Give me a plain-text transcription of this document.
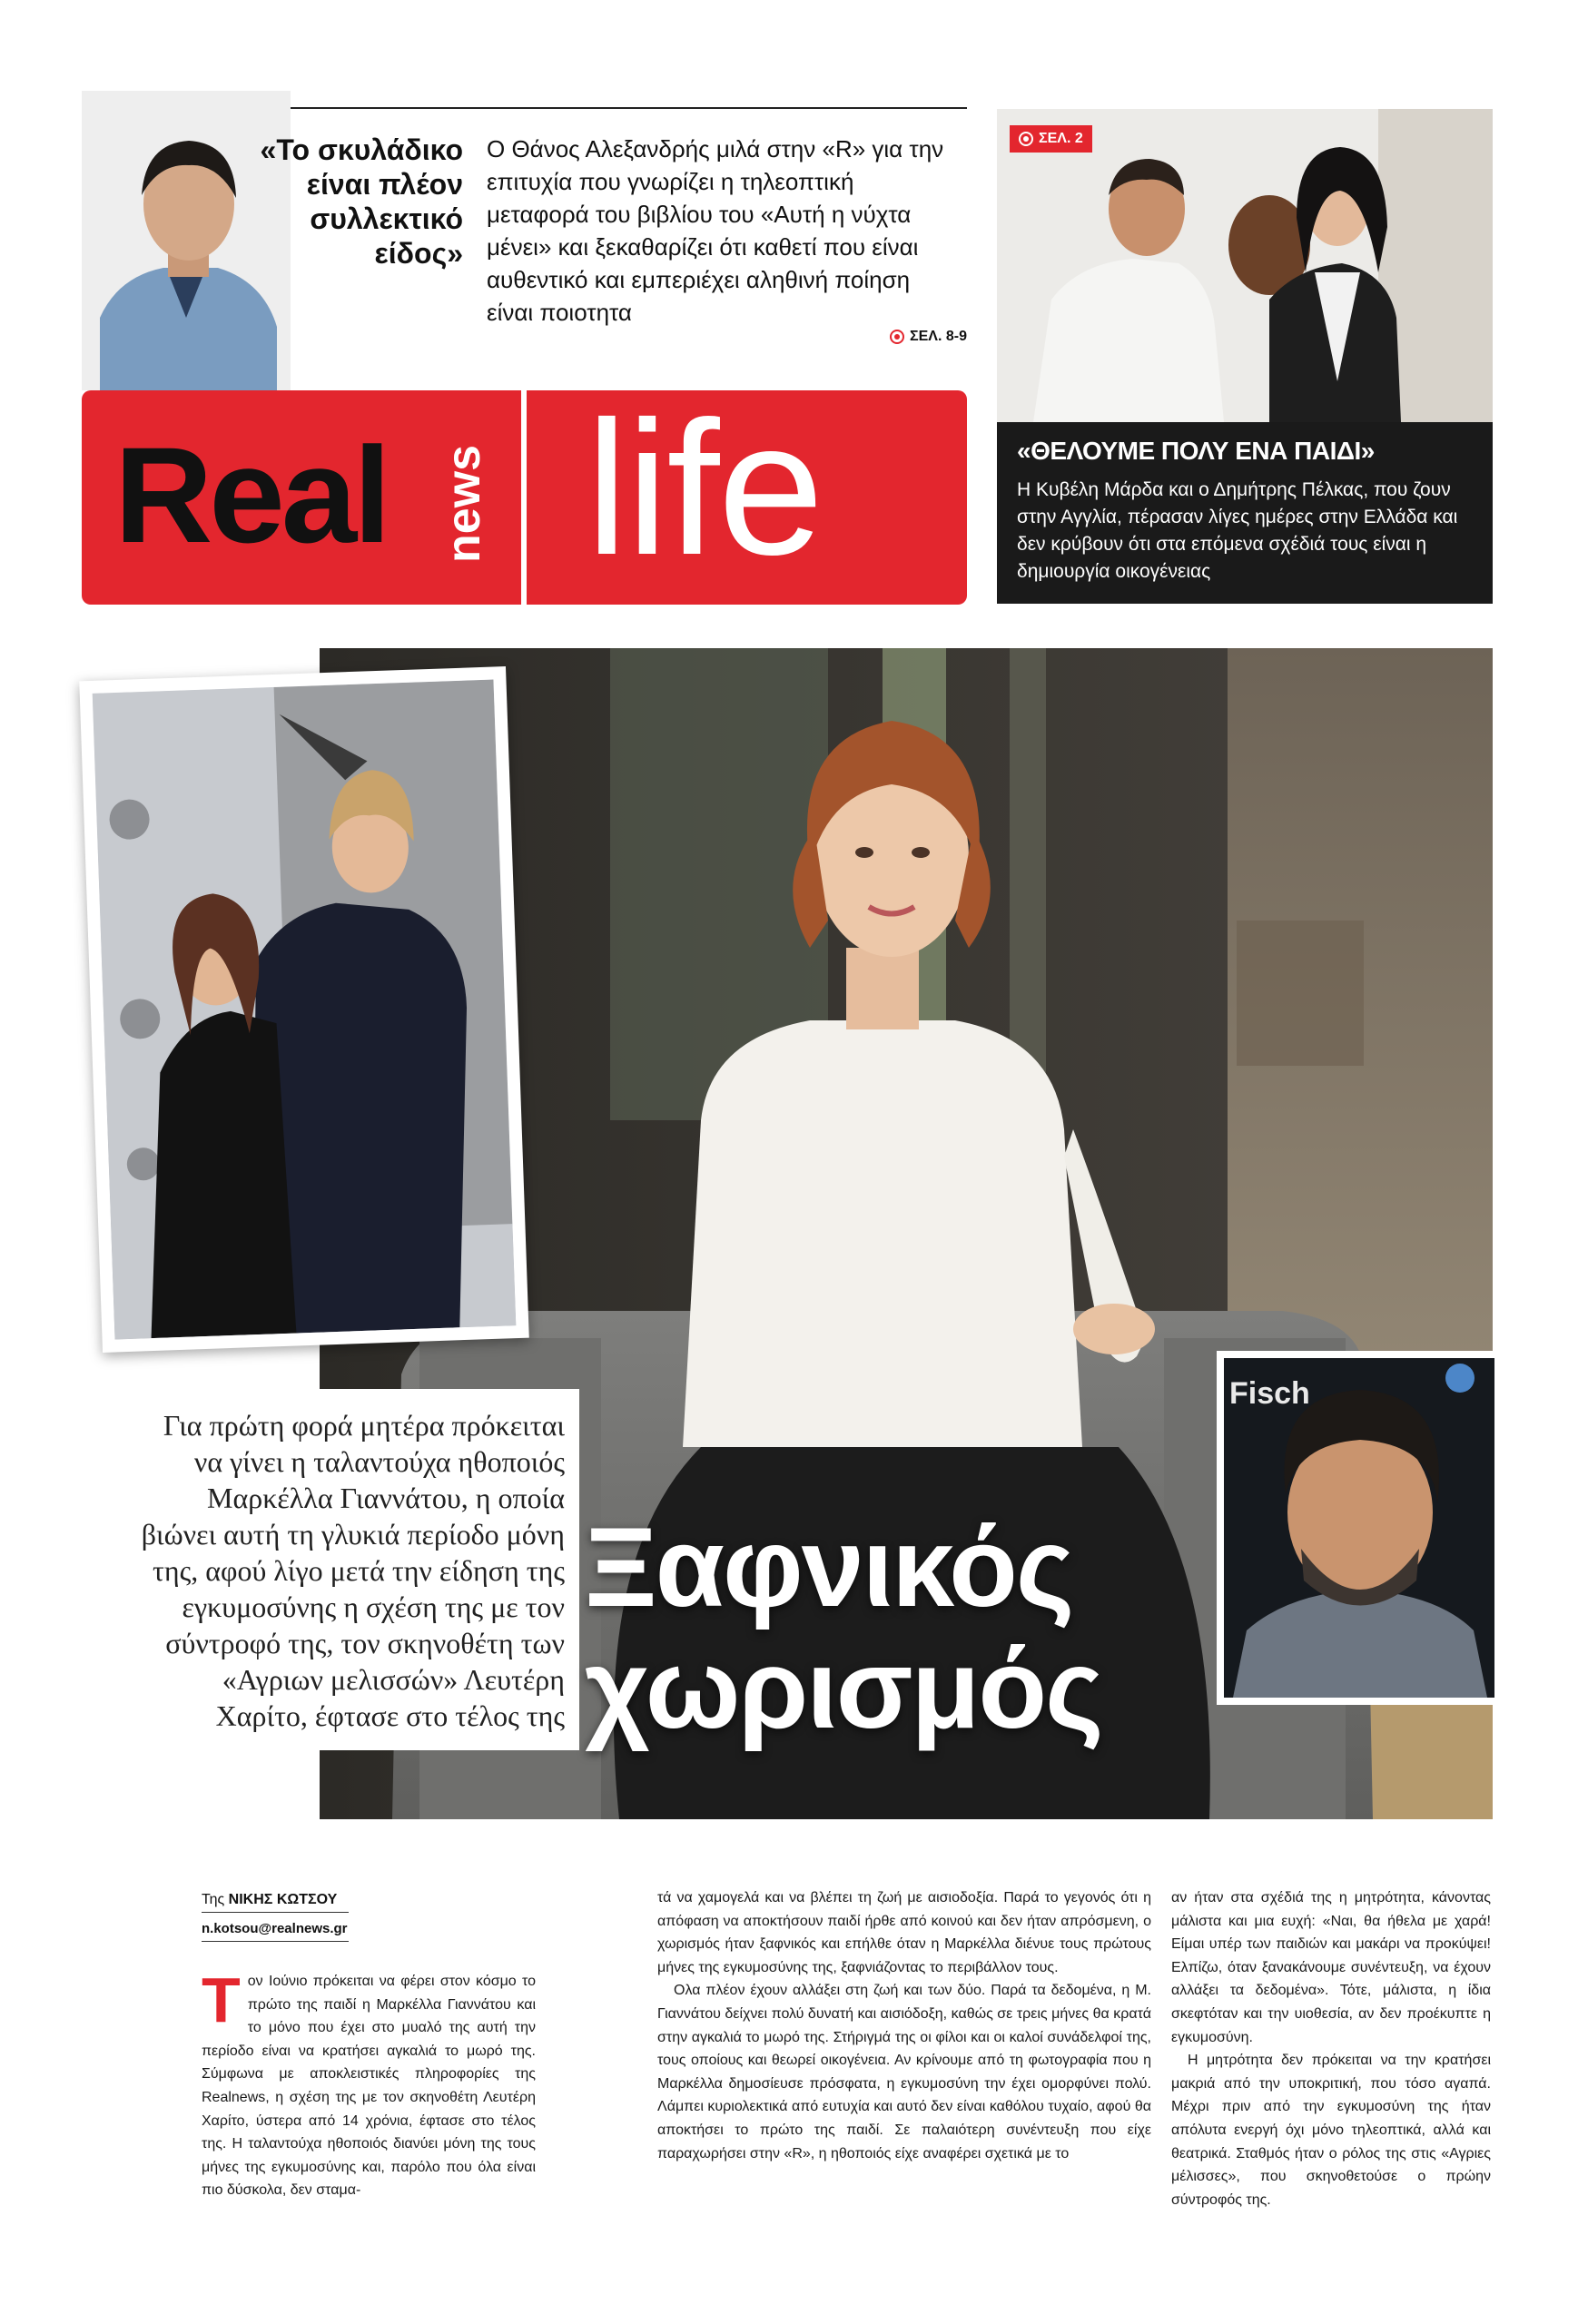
«Το σκυλάδικο είναι πλέον συλλεκτικό είδος»
Ο Θάνος Αλεξανδρής μιλά στην «R» για την επιτυχία που γνωρίζει η τηλεοπτική μεταφορά του βιβλίου του «Αυτή η νύχτα μένει» και ξεκαθαρίζει ότι καθετί που είναι αυθεντικό και εμπεριέχει αληθινή ποίηση είναι ποιοτητα
ΣΕΛ. 8-9
Real news life
ΣΕΛ. 2
«ΘΕΛΟΥΜΕ ΠΟΛΥ ΕΝΑ ΠΑΙΔΙ»
Η Κυβέλη Μάρδα και ο Δημήτρης Πέλκας, που ζουν στην Αγγλία, πέρασαν λίγες ημέρες στην Ελλάδα και δεν κρύβουν ότι στα επόμενα σχέδιά τους είναι η δημιουργία οικογένειας
Fisch
Για πρώτη φορά μητέρα πρόκειται να γίνει η ταλαντούχα ηθοποιός Μαρκέλλα Γιαννάτου, η οποία βιώνει αυτή τη γλυκιά περίοδο μόνη της, αφού λίγο μετά την είδηση της εγκυμοσύνης η σχέση της με τον σύντροφό της, τον σκηνοθέτη των «Αγριων μελισσών» Λευτέρη Χαρίτο, έφτασε στο τέλος της
Ξαφνικός
χωρισμός
Της ΝΙΚΗΣ ΚΩΤΣΟΥ
n.kotsou@realnews.gr

Τον Ιούνιο πρόκειται να φέρει στον κόσμο το πρώτο της παιδί η Μαρκέλλα Γιαννάτου και το μόνο που έχει στο μυαλό της αυτή την περίοδο είναι να κρατήσει αγκαλιά το μωρό της. Σύμφωνα με αποκλειστικές πληροφορίες της Realnews, η σχέση της με τον σκηνοθέτη Λευτέρη Χαρίτο, ύστερα από 14 χρόνια, έφτασε στο τέλος της. Η ταλαντούχα ηθοποιός διανύει μόνη της τους μήνες της εγκυμοσύνης και, παρόλο που όλα είναι πιο δύσκολα, δεν σταμα-

τά να χαμογελά και να βλέπει τη ζωή με αισιοδοξία. Παρά το γεγονός ότι η απόφαση να αποκτήσουν παιδί ήρθε από κοινού και δεν ήταν απρόσμενη, ο χωρισμός ήταν ξαφνικός και επήλθε όταν η Μαρκέλλα διένυε τους πρώτους μήνες της εγκυμοσύνης της, ξαφνιάζοντας το περιβάλλον τους.

Ολα πλέον έχουν αλλάξει στη ζωή και των δύο. Παρά τα δεδομένα, η Μ. Γιαννάτου δείχνει πολύ δυνατή και αισιόδοξη, καθώς σε τρεις μήνες θα κρατά στην αγκαλιά το μωρό της. Στήριγμά της οι φίλοι και οι καλοί συνάδελφοί της, τους οποίους και θεωρεί οικογένεια. Αν κρίνουμε από τη φωτογραφία που η Μαρκέλλα δημοσίευσε πρόσφατα, η εγκυμοσύνη την έχει ομορφύνει πολύ. Λάμπει κυριολεκτικά από ευτυχία και αυτό δεν είναι καθόλου τυχαίο, αφού θα αποκτήσει το πρώτο της παιδί. Σε παλαιότερη συνέντευξη που είχε παραχωρήσει στην «R», η ηθοποιός είχε αναφέρει σχετικά με το

αν ήταν στα σχέδιά της η μητρότητα, κάνοντας μάλιστα και μια ευχή: «Ναι, θα ήθελα με χαρά! Είμαι υπέρ των παιδιών και μακάρι να προκύψει! Ελπίζω, όταν ξανακάνουμε συνέντευξη, να έχουν αλλάξει τα δεδομένα». Τότε, μάλιστα, η ίδια σκεφτόταν και την υιοθεσία, αν δεν προέκυπτε η εγκυμοσύνη.

Η μητρότητα δεν πρόκειται να την κρατήσει μακριά από την υποκριτική, που τόσο αγαπά. Μέχρι πριν από την εγκυμοσύνη της ήταν απόλυτα ενεργή όχι μόνο τηλεοπτικά, αλλά και θεατρικά. Σταθμός ήταν ο ρόλος της στις «Αγριες μέλισσες», που σκηνοθετούσε ο πρώην σύντροφός της.
